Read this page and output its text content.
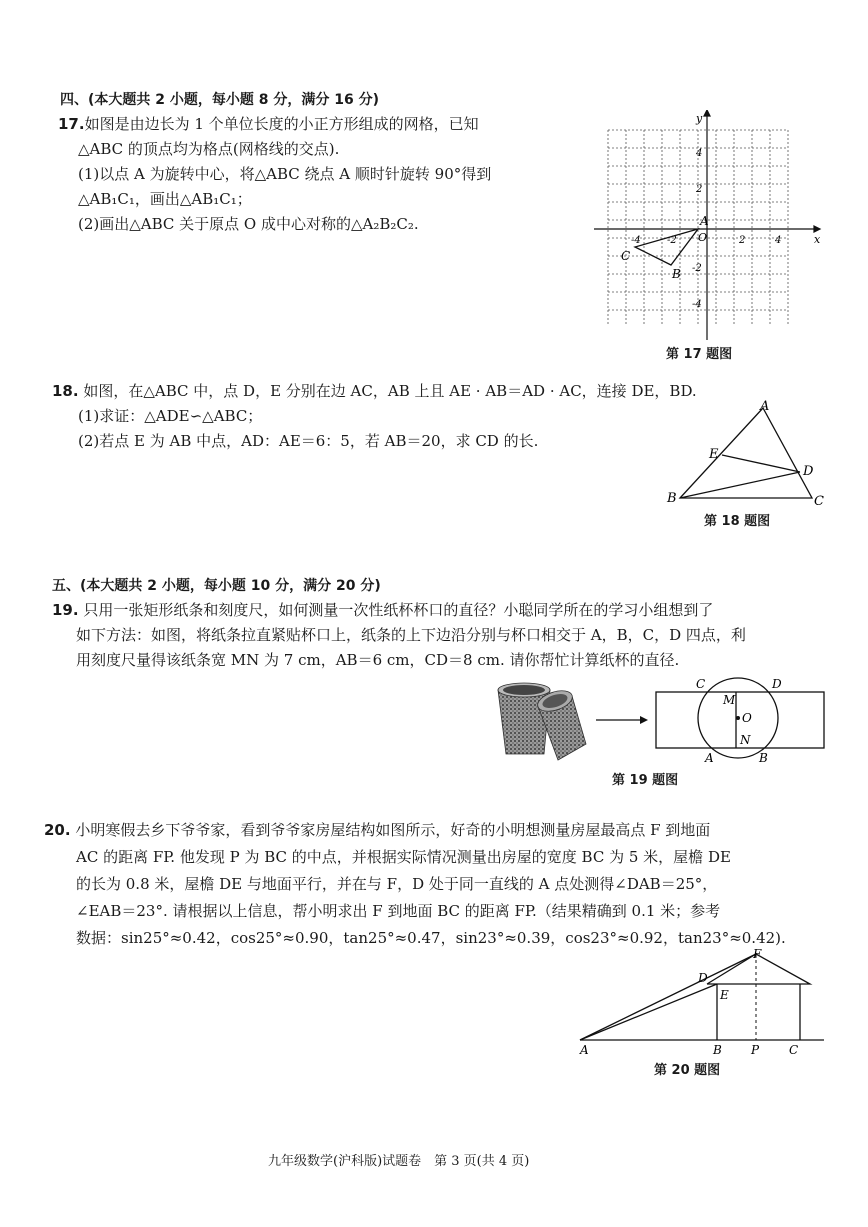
四、(本大题共 2 小题，每小题 8 分，满分 16 分)
17.如图是由边长为 1 个单位长度的小正方形组成的网格，已知
△ABC 的顶点均为格点(网格线的交点).
(1)以点 A 为旋转中心，将△ABC 绕点 A 顺时针旋转 90°得到
△AB₁C₁，画出△AB₁C₁；
(2)画出△ABC 关于原点 O 成中心对称的△A₂B₂C₂.
x
y
O
-4	-2	2	4
4
2
-2
-4
A
B
C
第 17 题图
18. 如图，在△ABC 中，点 D，E 分别在边 AC，AB 上且 AE · AB＝AD · AC，连接 DE，BD.
(1)求证：△ADE∽△ABC；
(2)若点 E 为 AB 中点，AD：AE＝6：5，若 AB＝20，求 CD 的长.
A
B	C
D
E
第 18 题图
五、(本大题共 2 小题，每小题 10 分，满分 20 分)
19. 只用一张矩形纸条和刻度尺，如何测量一次性纸杯杯口的直径？小聪同学所在的学习小组想到了
如下方法：如图，将纸条拉直紧贴杯口上，纸条的上下边沿分别与杯口相交于 A，B，C，D 四点，利
用刻度尺量得该纸条宽 MN 为 7 cm，AB＝6 cm，CD＝8 cm. 请你帮忙计算纸杯的直径.
C	D
A	B
M
O
N
第 19 题图
20. 小明寒假去乡下爷爷家，看到爷爷家房屋结构如图所示，好奇的小明想测量房屋最高点 F 到地面
AC 的距离 FP. 他发现 P 为 BC 的中点，并根据实际情况测量出房屋的宽度 BC 为 5 米，屋檐 DE
的长为 0.8 米，屋檐 DE 与地面平行，并在与 F，D 处于同一直线的 A 点处测得∠DAB＝25°，
∠EAB＝23°. 请根据以上信息，帮小明求出 F 到地面 BC 的距离 FP.（结果精确到 0.1 米；参考
数据：sin25°≈0.42，cos25°≈0.90，tan25°≈0.47，sin23°≈0.39，cos23°≈0.92，tan23°≈0.42).
F
D
E
A	B P C
第 20 题图
九年级数学(沪科版)试题卷　第 3 页(共 4 页)
